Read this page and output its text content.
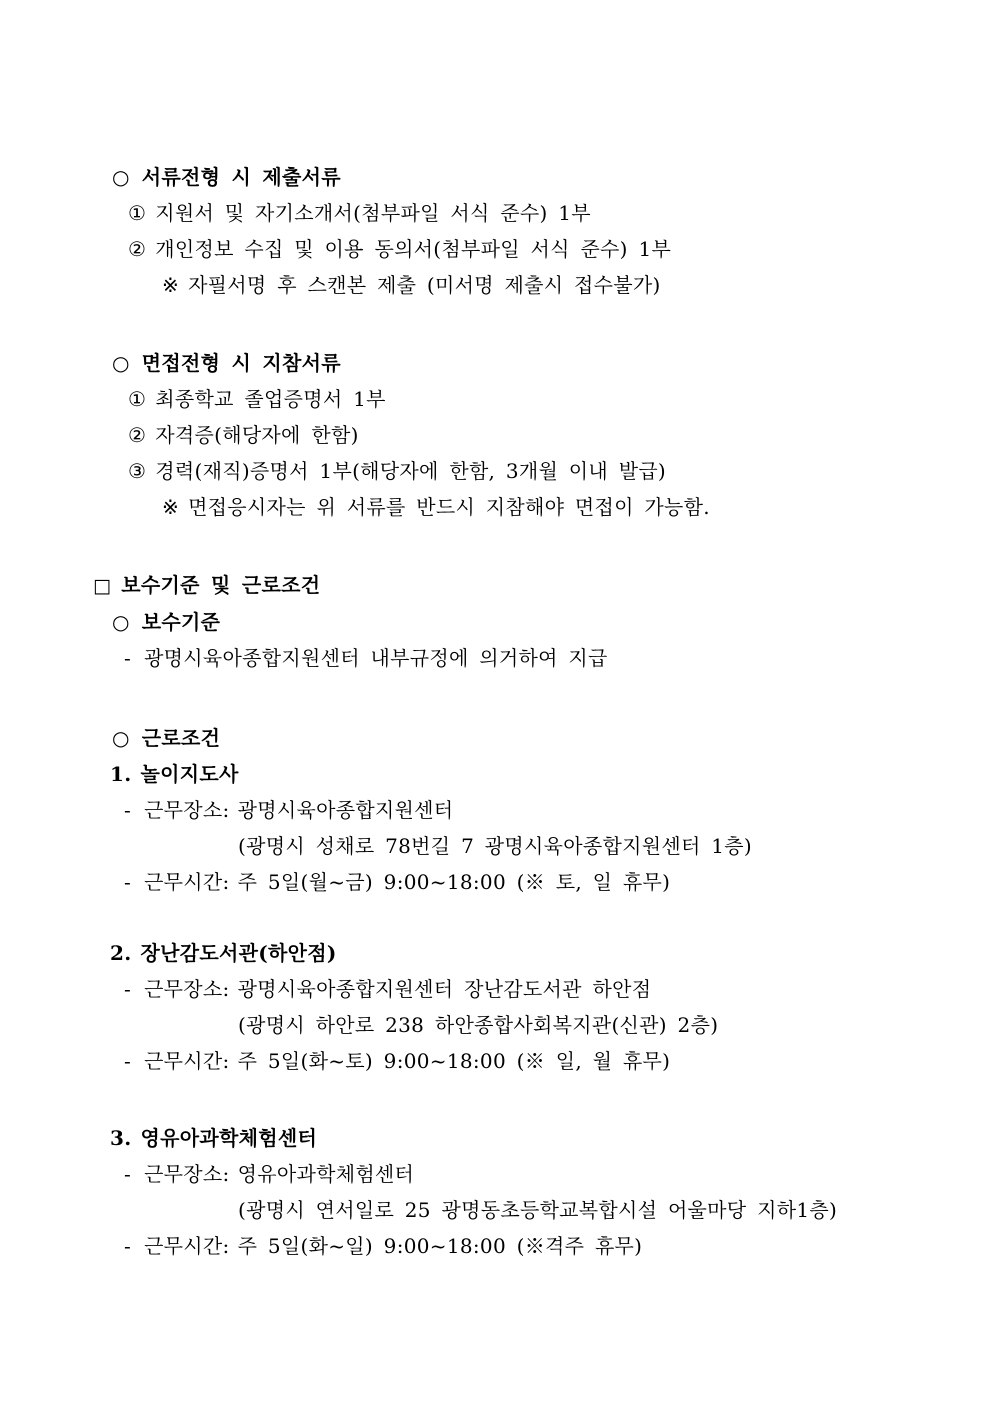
○ 서류전형 시 제출서류
① 지원서 및 자기소개서(첨부파일 서식 준수) 1부
② 개인정보 수집 및 이용 동의서(첨부파일 서식 준수) 1부
※ 자필서명 후 스캔본 제출 (미서명 제출시 접수불가)
○ 면접전형 시 지참서류
① 최종학교 졸업증명서 1부
② 자격증(해당자에 한함)
③ 경력(재직)증명서 1부(해당자에 한함, 3개월 이내 발급)
※ 면접응시자는 위 서류를 반드시 지참해야 면접이 가능함.
□ 보수기준 및 근로조건
○ 보수기준
- 광명시육아종합지원센터 내부규정에 의거하여 지급
○ 근로조건
1. 놀이지도사
- 근무장소: 광명시육아종합지원센터
(광명시 성채로 78번길 7 광명시육아종합지원센터 1층)
- 근무시간: 주 5일(월~금) 9:00~18:00 (※ 토, 일 휴무)
2. 장난감도서관(하안점)
- 근무장소: 광명시육아종합지원센터 장난감도서관 하안점
(광명시 하안로 238 하안종합사회복지관(신관) 2층)
- 근무시간: 주 5일(화~토) 9:00~18:00 (※ 일, 월 휴무)
3. 영유아과학체험센터
- 근무장소: 영유아과학체험센터
(광명시 연서일로 25 광명동초등학교복합시설 어울마당 지하1층)
- 근무시간: 주 5일(화~일) 9:00~18:00 (※격주 휴무)
